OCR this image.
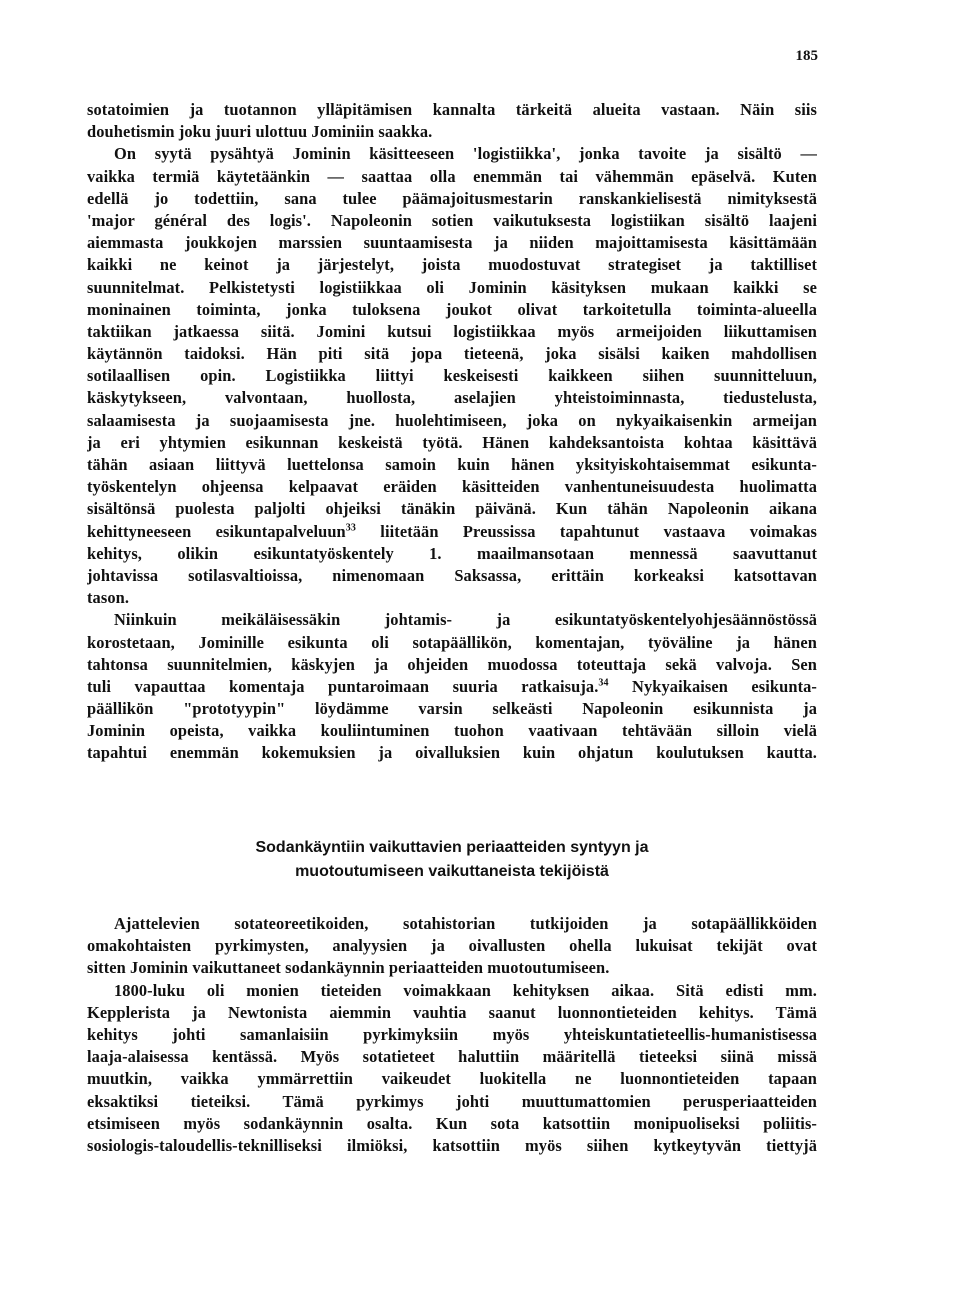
185
sotatoimien ja tuotannon ylläpitämisen kannalta tärkeitä alueita vastaan. Näin siis
douhetismin joku juuri ulottuu Jominiin saakka.
On syytä pysähtyä Jominin käsitteeseen 'logistiikka', jonka tavoite ja sisältö —
vaikka termiä käytetäänkin — saattaa olla enemmän tai vähemmän epäselvä. Kuten
edellä jo todettiin, sana tulee päämajoitusmestarin ranskankielisestä nimityksestä
'major général des logis'. Napoleonin sotien vaikutuksesta logistiikan sisältö laajeni
aiemmasta joukkojen marssien suuntaamisesta ja niiden majoittamisesta käsittämään
kaikki ne keinot ja järjestelyt, joista muodostuvat strategiset ja taktilliset
suunnitelmat. Pelkistetysti logistiikkaa oli Jominin käsityksen mukaan kaikki se
moninainen toiminta, jonka tuloksena joukot olivat tarkoitetulla toiminta-alueella
taktiikan jatkaessa siitä. Jomini kutsui logistiikkaa myös armeijoiden liikuttamisen
käytännön taidoksi. Hän piti sitä jopa tieteenä, joka sisälsi kaiken mahdollisen
sotilaallisen opin. Logistiikka liittyi keskeisesti kaikkeen siihen suunnitteluun,
käskytykseen, valvontaan, huollosta, aselajien yhteistoiminnasta, tiedustelusta,
salaamisesta ja suojaamisesta jne. huolehtimiseen, joka on nykyaikaisenkin armeijan
ja eri yhtymien esikunnan keskeistä työtä. Hänen kahdeksantoista kohtaa käsittävä
tähän asiaan liittyvä luettelonsa samoin kuin hänen yksityiskohtaisemmat esikunta-
työskentelyn ohjeensa kelpaavat eräiden käsitteiden vanhentuneisuudesta huolimatta
sisältönsä puolesta paljolti ohjeiksi tänäkin päivänä. Kun tähän Napoleonin aikana
kehittyneeseen esikuntapalveluun$^{33}$ liitetään Preussissa tapahtunut vastaava voimakas
kehitys, olikin esikuntatyöskentely 1. maailmansotaan mennessä saavuttanut
johtavissa sotilasvaltioissa, nimenomaan Saksassa, erittäin korkeaksi katsottavan
tason.
Niinkuin meikäläisessäkin johtamis- ja esikuntatyöskentelyohjesäännöstössä
korostetaan, Jominille esikunta oli sotapäällikön, komentajan, työväline ja hänen
tahtonsa suunnitelmien, käskyjen ja ohjeiden muodossa toteuttaja sekä valvoja. Sen
tuli vapauttaa komentaja puntaroimaan suuria ratkaisuja.$^{34}$ Nykyaikaisen esikunta-
päällikön "prototyypin" löydämme varsin selkeästi Napoleonin esikunnista ja
Jominin opeista, vaikka kouliintuminen tuohon vaativaan tehtävään silloin vielä
tapahtui enemmän kokemuksien ja oivalluksien kuin ohjatun koulutuksen kautta.
Sodankäyntiin vaikuttavien periaatteiden syntyyn ja
muotoutumiseen vaikuttaneista tekijöistä
Ajattelevien sotateoreetikoiden, sotahistorian tutkijoiden ja sotapäällikköiden
omakohtaisten pyrkimysten, analyysien ja oivallusten ohella lukuisat tekijät ovat
sitten Jominin vaikuttaneet sodankäynnin periaatteiden muotoutumiseen.
1800-luku oli monien tieteiden voimakkaan kehityksen aikaa. Sitä edisti mm.
Kepplerista ja Newtonista aiemmin vauhtia saanut luonnontieteiden kehitys. Tämä
kehitys johti samanlaisiin pyrkimyksiin myös yhteiskuntatieteellis-humanistisessa
laaja-alaisessa kentässä. Myös sotatieteet haluttiin määritellä tieteeksi siinä missä
muutkin, vaikka ymmärrettiin vaikeudet luokitella ne luonnontieteiden tapaan
eksaktiksi tieteiksi. Tämä pyrkimys johti muuttumattomien perusperiaatteiden
etsimiseen myös sodankäynnin osalta. Kun sota katsottiin monipuoliseksi poliitis-
sosiologis-taloudellis-teknilliseksi ilmiöksi, katsottiin myös siihen kytkeytyvän tiettyjä
